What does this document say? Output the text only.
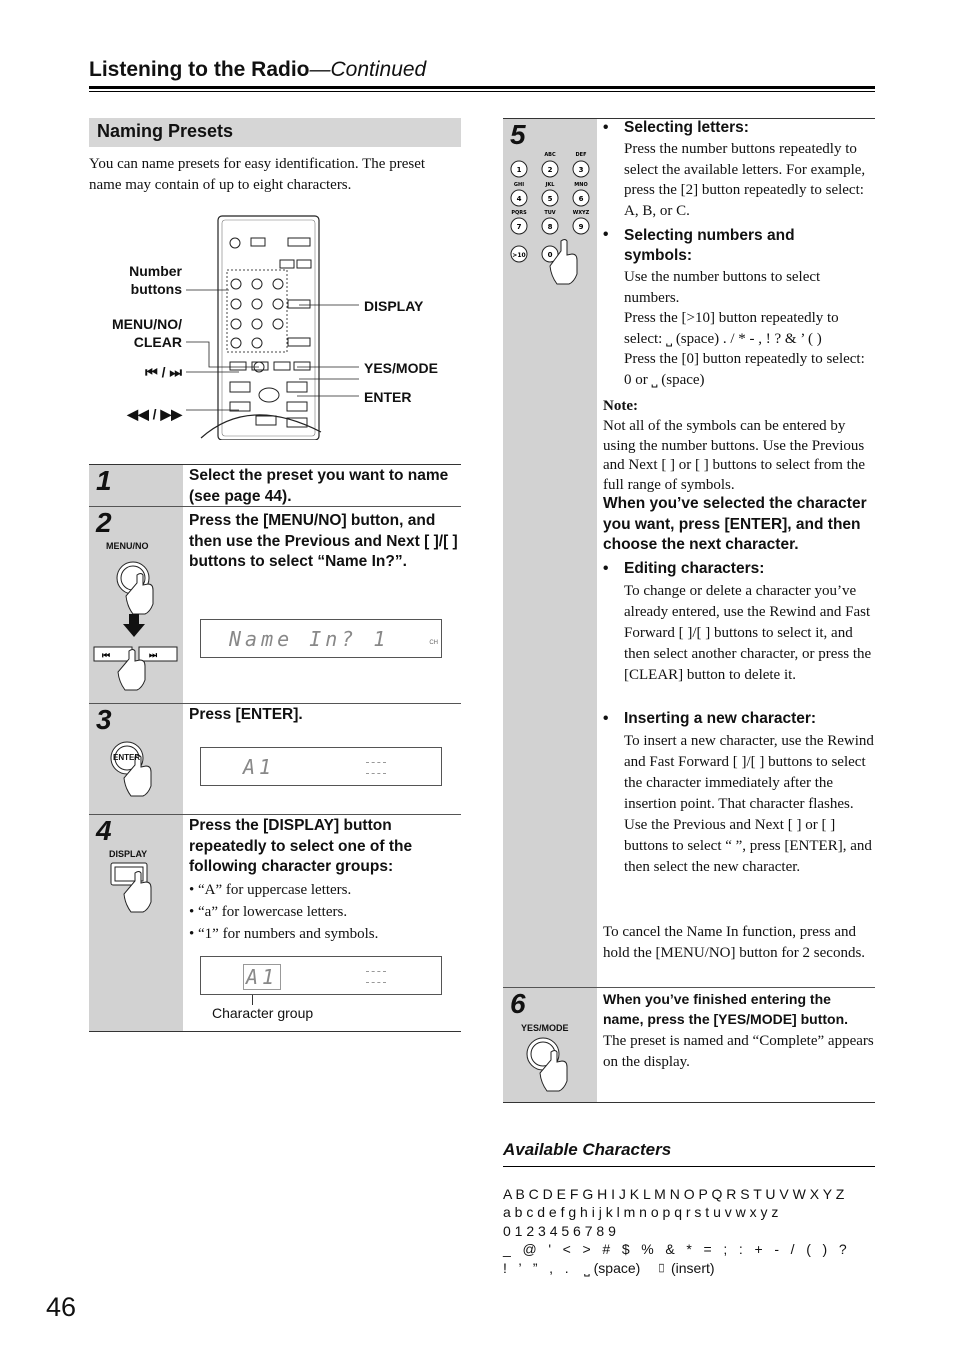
Listening to the Radio—Continued
Naming Presets
You can name presets for easy identification. The preset name may contain of up to eight characters.
Number buttons
MENU/NO/ CLEAR
⏮ / ⏭
◀◀ / ▶▶
DISPLAY
YES/MODE
ENTER
1	Select the preset you want to name (see page 44).
2
MENU/NO
⏮	⏭
Press the [MENU/NO] button, and then use the Previous and Next [ ]/[ ] buttons to select “Name In?”.
Name In? 1	CH
3
ENTER
Press [ENTER].
A1
4
DISPLAY
Press the [DISPLAY] button repeatedly to select one of the following character groups:
• “A” for uppercase letters.
• “a” for lowercase letters.
• “1” for numbers and symbols.
A1
Character group
5
ABC	DEF
GHI	JKL	MNO
PQRS	TUV	WXYZ
1	2	3
4	5	6
7	8	9
>10	0
• Selecting letters:
Press the number buttons repeatedly to select the available letters. For example, press the [2] button repeatedly to select: A, B, or C.
• Selecting numbers and symbols:
Use the number buttons to select numbers.
Press the [>10] button repeatedly to select: ⎵ (space) . / * - , ! ? & ’ ( )
Press the [0] button repeatedly to select: 0 or ⎵ (space)
Note:
Not all of the symbols can be entered by using the number buttons. Use the Previous and Next [ ] or [ ] buttons to select from the full range of symbols.
When you’ve selected the character you want, press [ENTER], and then choose the next character.
• Editing characters:
To change or delete a character you’ve already entered, use the Rewind and Fast Forward [ ]/[ ] buttons to select it, and then select another character, or press the [CLEAR] button to delete it.
• Inserting a new character:
To insert a new character, use the Rewind and Fast Forward [ ]/[ ] buttons to select the character immediately after the insertion point. That character flashes. Use the Previous and Next [ ] or [ ] buttons to select “ ”, press [ENTER], and then select the new character.
To cancel the Name In function, press and hold the [MENU/NO] button for 2 seconds.
6
YES/MODE
When you’ve finished entering the name, press the [YES/MODE] button.
The preset is named and “Complete” appears on the display.
Available Characters
A B C D E F G H I J K L M N O P Q R S T U V W X Y Z
a b c d e f g h i j k l m n o p q r s t u v w x y z
0 1 2 3 4 5 6 7 8 9
_   @   '   <   >   #   $   %   &   *   =   ;   :   +   -   /   (   )   ?
!   ’   ”   ,   .    ⎵ (space)    ▯ (insert)
46
